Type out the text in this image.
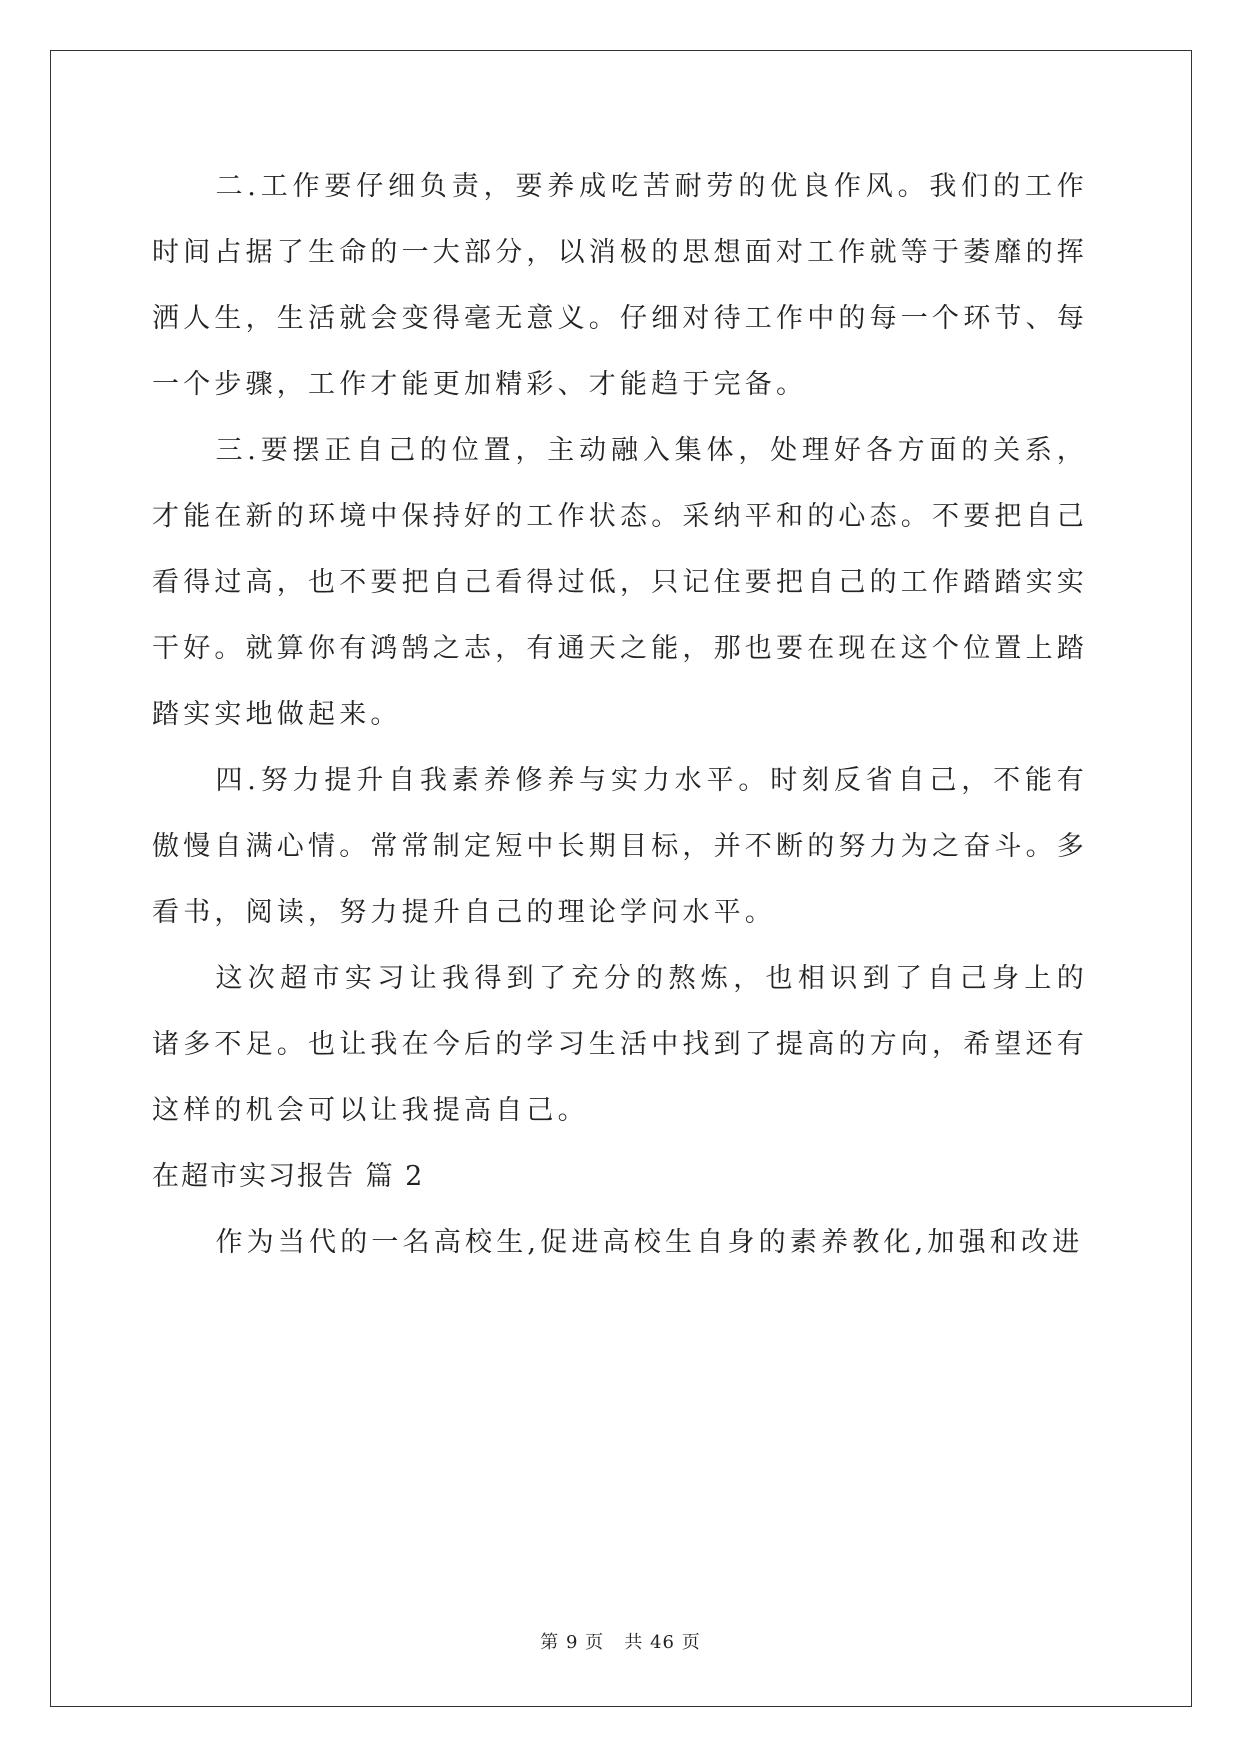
二.工作要仔细负责，要养成吃苦耐劳的优良作风。我们的工作时间占据了生命的一大部分，以消极的思想面对工作就等于萎靡的挥洒人生，生活就会变得毫无意义。仔细对待工作中的每一个环节、每一个步骤，工作才能更加精彩、才能趋于完备。

三.要摆正自己的位置，主动融入集体，处理好各方面的关系，才能在新的环境中保持好的工作状态。采纳平和的心态。不要把自己看得过高，也不要把自己看得过低，只记住要把自己的工作踏踏实实干好。就算你有鸿鹄之志，有通天之能，那也要在现在这个位置上踏踏实实地做起来。

四.努力提升自我素养修养与实力水平。时刻反省自己，不能有傲慢自满心情。常常制定短中长期目标，并不断的努力为之奋斗。多看书，阅读，努力提升自己的理论学问水平。

这次超市实习让我得到了充分的熬炼，也相识到了自己身上的诸多不足。也让我在今后的学习生活中找到了提高的方向，希望还有这样的机会可以让我提高自己。

在超市实习报告 篇 2

作为当代的一名高校生,促进高校生自身的素养教化,加强和改进

第 9 页 共 46 页
